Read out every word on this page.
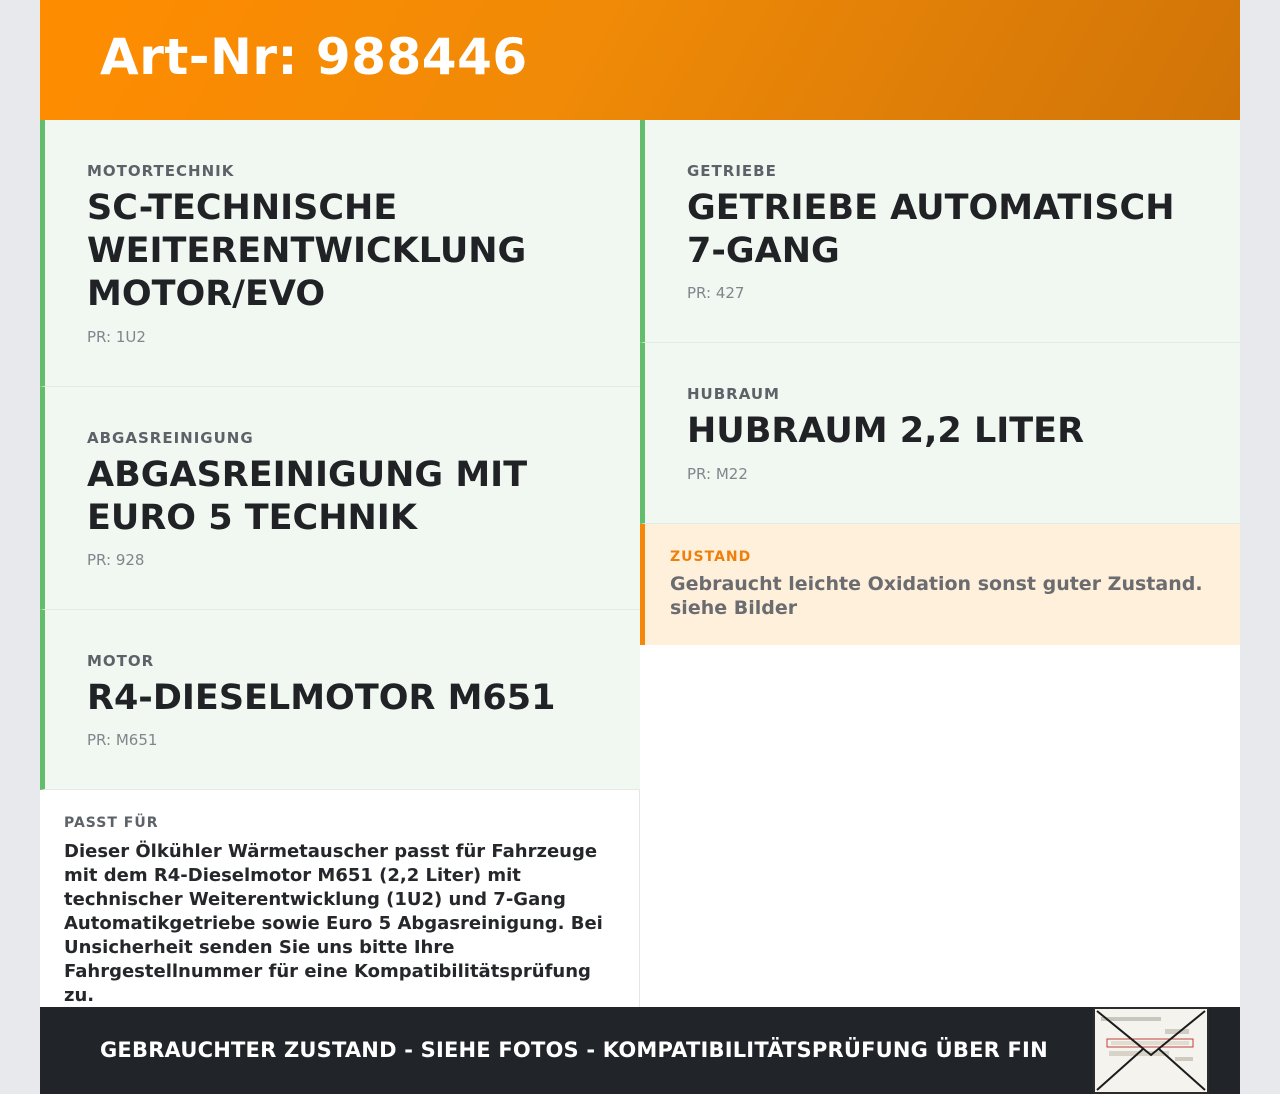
Art-Nr: 988446
MOTORTECHNIK
SC-TECHNISCHE WEITERENTWICKLUNG MOTOR/EVO
PR: 1U2
ABGASREINIGUNG
ABGASREINIGUNG MIT EURO 5 TECHNIK
PR: 928
MOTOR
R4-DIESELMOTOR M651
PR: M651
PASST FÜR
Dieser Ölkühler Wärmetauscher passt für Fahrzeuge mit dem R4-Dieselmotor M651 (2,2 Liter) mit technischer Weiterentwicklung (1U2) und 7-Gang Automatikgetriebe sowie Euro 5 Abgasreinigung. Bei Unsicherheit senden Sie uns bitte Ihre Fahrgestellnummer für eine Kompatibilitätsprüfung zu.
GETRIEBE
GETRIEBE AUTOMATISCH 7-GANG
PR: 427
HUBRAUM
HUBRAUM 2,2 LITER
PR: M22
ZUSTAND
Gebraucht leichte Oxidation sonst guter Zustand. siehe Bilder
GEBRAUCHTER ZUSTAND - SIEHE FOTOS - KOMPATIBILITÄTSPRÜFUNG ÜBER FIN
